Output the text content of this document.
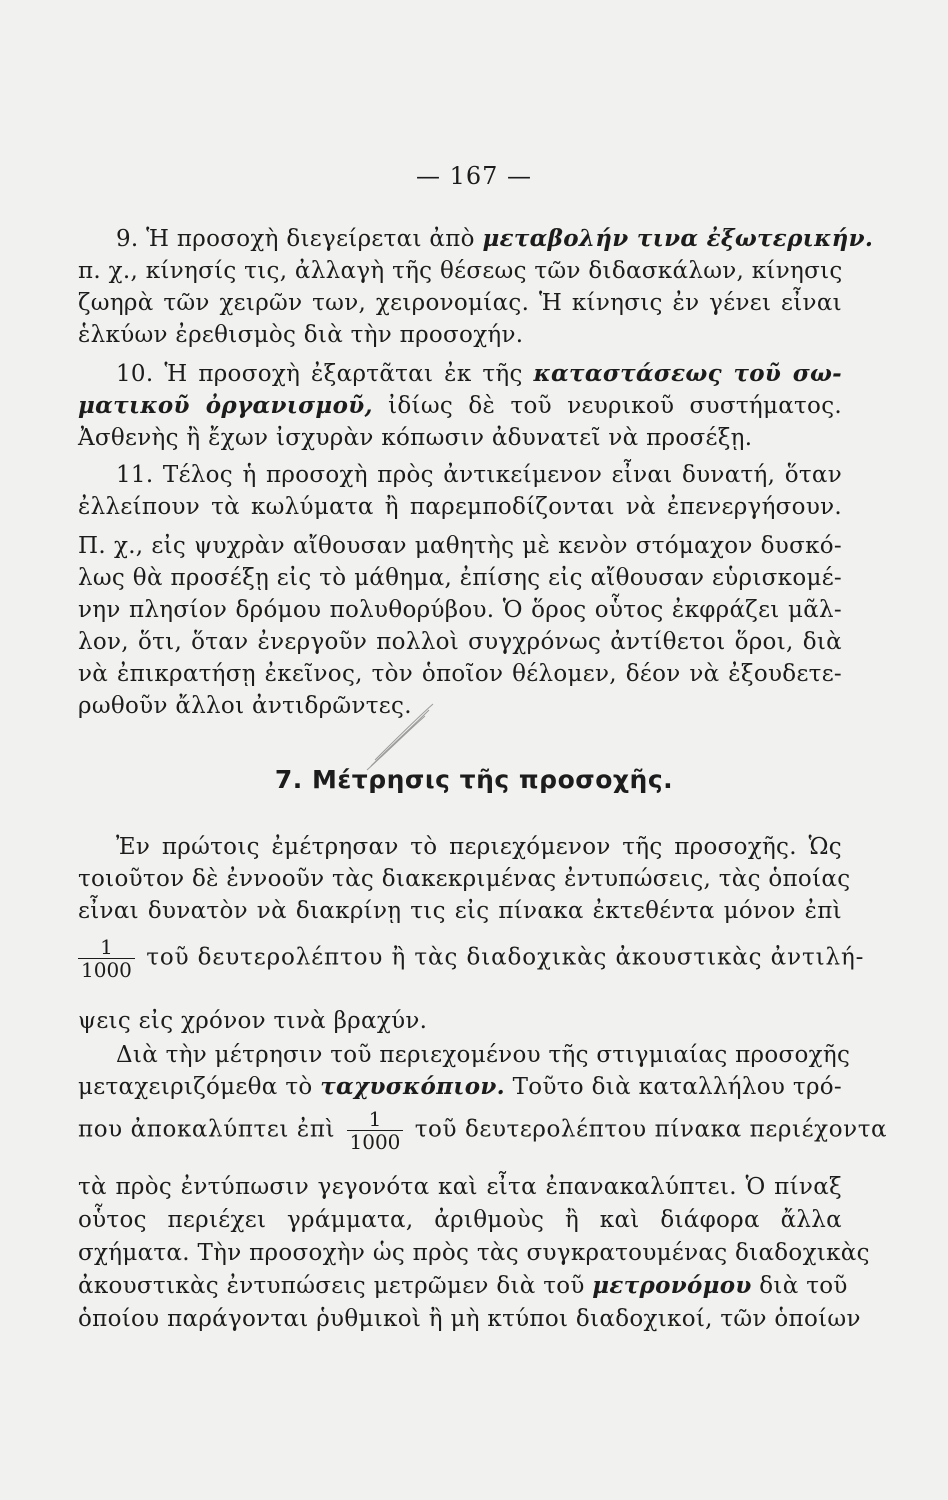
— 167 —
9. Ἡ προσοχὴ διεγείρεται ἀπὸ μεταβολήν τινα ἐξωτερικήν.
π. χ., κίνησίς τις, ἀλλαγὴ τῆς θέσεως τῶν διδασκάλων, κίνησις
ζωηρὰ τῶν χειρῶν των, χειρονομίας. Ἡ κίνησις ἐν γένει εἶναι
ἑλκύων ἐρεθισμὸς διὰ τὴν προσοχήν.
10. Ἡ προσοχὴ ἐξαρτᾶται ἐκ τῆς καταστάσεως τοῦ σω-
ματικοῦ ὀργανισμοῦ, ἰδίως δὲ τοῦ νευρικοῦ συστήματος.
Ἀσθενὴς ἢ ἔχων ἰσχυρὰν κόπωσιν ἀδυνατεῖ νὰ προσέξῃ.
11. Τέλος ἡ προσοχὴ πρὸς ἀντικείμενον εἶναι δυνατή, ὅταν
ἐλλείπουν τὰ κωλύματα ἢ παρεμποδίζονται νὰ ἐπενεργήσουν.
Π. χ., εἰς ψυχρὰν αἴθουσαν μαθητὴς μὲ κενὸν στόμαχον δυσκό-
λως θὰ προσέξῃ εἰς τὸ μάθημα, ἐπίσης εἰς αἴθουσαν εὑρισκομέ-
νην πλησίον δρόμου πολυθορύβου. Ὁ ὅρος οὗτος ἐκφράζει μᾶλ-
λον, ὅτι, ὅταν ἐνεργοῦν πολλοὶ συγχρόνως ἀντίθετοι ὅροι, διὰ
νὰ ἐπικρατήσῃ ἐκεῖνος, τὸν ὁποῖον θέλομεν, δέον νὰ ἐξουδετε-
ρωθοῦν ἄλλοι ἀντιδρῶντες.
7. Μέτρησις τῆς προσοχῆς.
Ἐν πρώτοις ἐμέτρησαν τὸ περιεχόμενον τῆς προσοχῆς. Ὡς
τοιοῦτον δὲ ἐννοοῦν τὰς διακεκριμένας ἐντυπώσεις, τὰς ὁποίας
εἶναι δυνατὸν νὰ διακρίνῃ τις εἰς πίνακα ἐκτεθέντα μόνον ἐπὶ
$\frac{1}{1000}$ τοῦ δευτερολέπτου ἢ τὰς διαδοχικὰς ἀκουστικὰς ἀντιλή-
ψεις εἰς χρόνον τινὰ βραχύν.
Διὰ τὴν μέτρησιν τοῦ περιεχομένου τῆς στιγμιαίας προσοχῆς
μεταχειριζόμεθα τὸ ταχυσκόπιον. Τοῦτο διὰ καταλλήλου τρό-
που ἀποκαλύπτει ἐπὶ $\frac{1}{1000}$ τοῦ δευτερολέπτου πίνακα περιέχοντα
τὰ πρὸς ἐντύπωσιν γεγονότα καὶ εἶτα ἐπανακαλύπτει. Ὁ πίναξ
οὗτος περιέχει γράμματα, ἀριθμοὺς ἢ καὶ διάφορα ἄλλα
σχήματα. Τὴν προσοχὴν ὡς πρὸς τὰς συγκρατουμένας διαδοχικὰς
ἀκουστικὰς ἐντυπώσεις μετρῶμεν διὰ τοῦ μετρονόμου διὰ τοῦ
ὁποίου παράγονται ῥυθμικοὶ ἢ μὴ κτύποι διαδοχικοί, τῶν ὁποίων
